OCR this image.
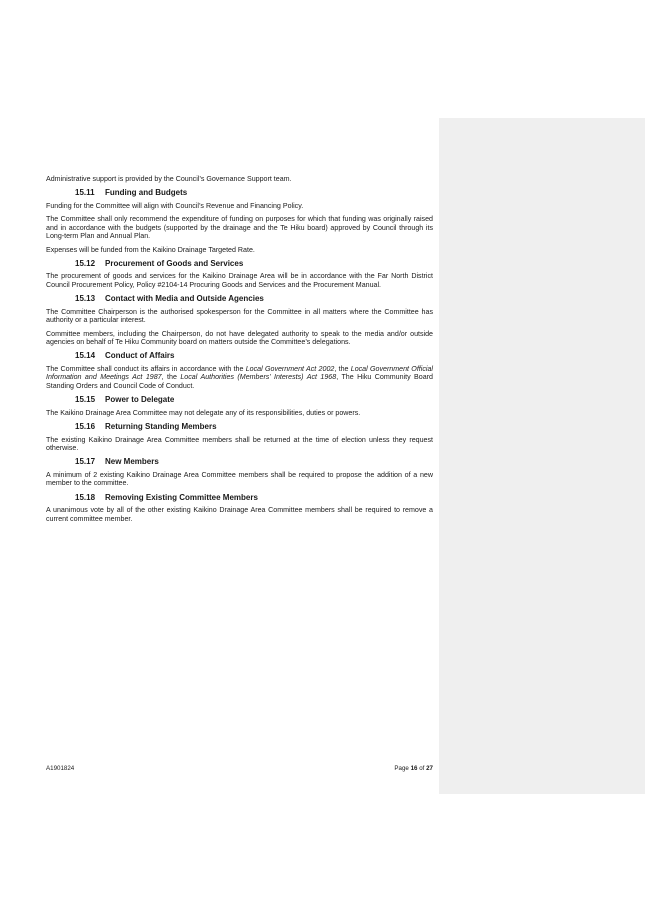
Administrative support is provided by the Council’s Governance Support team.

15.11 Funding and Budgets

Funding for the Committee will align with Council’s Revenue and Financing Policy.

The Committee shall only recommend the expenditure of funding on purposes for which that funding was originally raised and in accordance with the budgets (supported by the drainage and the Te Hiku board) approved by Council through its Long-term Plan and Annual Plan.

Expenses will be funded from the Kaikino Drainage Targeted Rate.

15.12 Procurement of Goods and Services

The procurement of goods and services for the Kaikino Drainage Area will be in accordance with the Far North District Council Procurement Policy, Policy #2104-14 Procuring Goods and Services and the Procurement Manual.

15.13 Contact with Media and Outside Agencies

The Committee Chairperson is the authorised spokesperson for the Committee in all matters where the Committee has authority or a particular interest.

Committee members, including the Chairperson, do not have delegated authority to speak to the media and/or outside agencies on behalf of Te Hiku Community board on matters outside the Committee’s delegations.

15.14 Conduct of Affairs

The Committee shall conduct its affairs in accordance with the Local Government Act 2002, the Local Government Official Information and Meetings Act 1987, the Local Authorities (Members’ Interests) Act 1968, The Hiku Community Board Standing Orders and Council Code of Conduct.

15.15 Power to Delegate

The Kaikino Drainage Area Committee may not delegate any of its responsibilities, duties or powers.

15.16 Returning Standing Members

The existing Kaikino Drainage Area Committee members shall be returned at the time of election unless they request otherwise.

15.17 New Members

A minimum of 2 existing Kaikino Drainage Area Committee members shall be required to propose the addition of a new member to the committee.

15.18 Removing Existing Committee Members

A unanimous vote by all of the other existing Kaikino Drainage Area Committee members shall be required to remove a current committee member.

A1901824	Page 16 of 27
